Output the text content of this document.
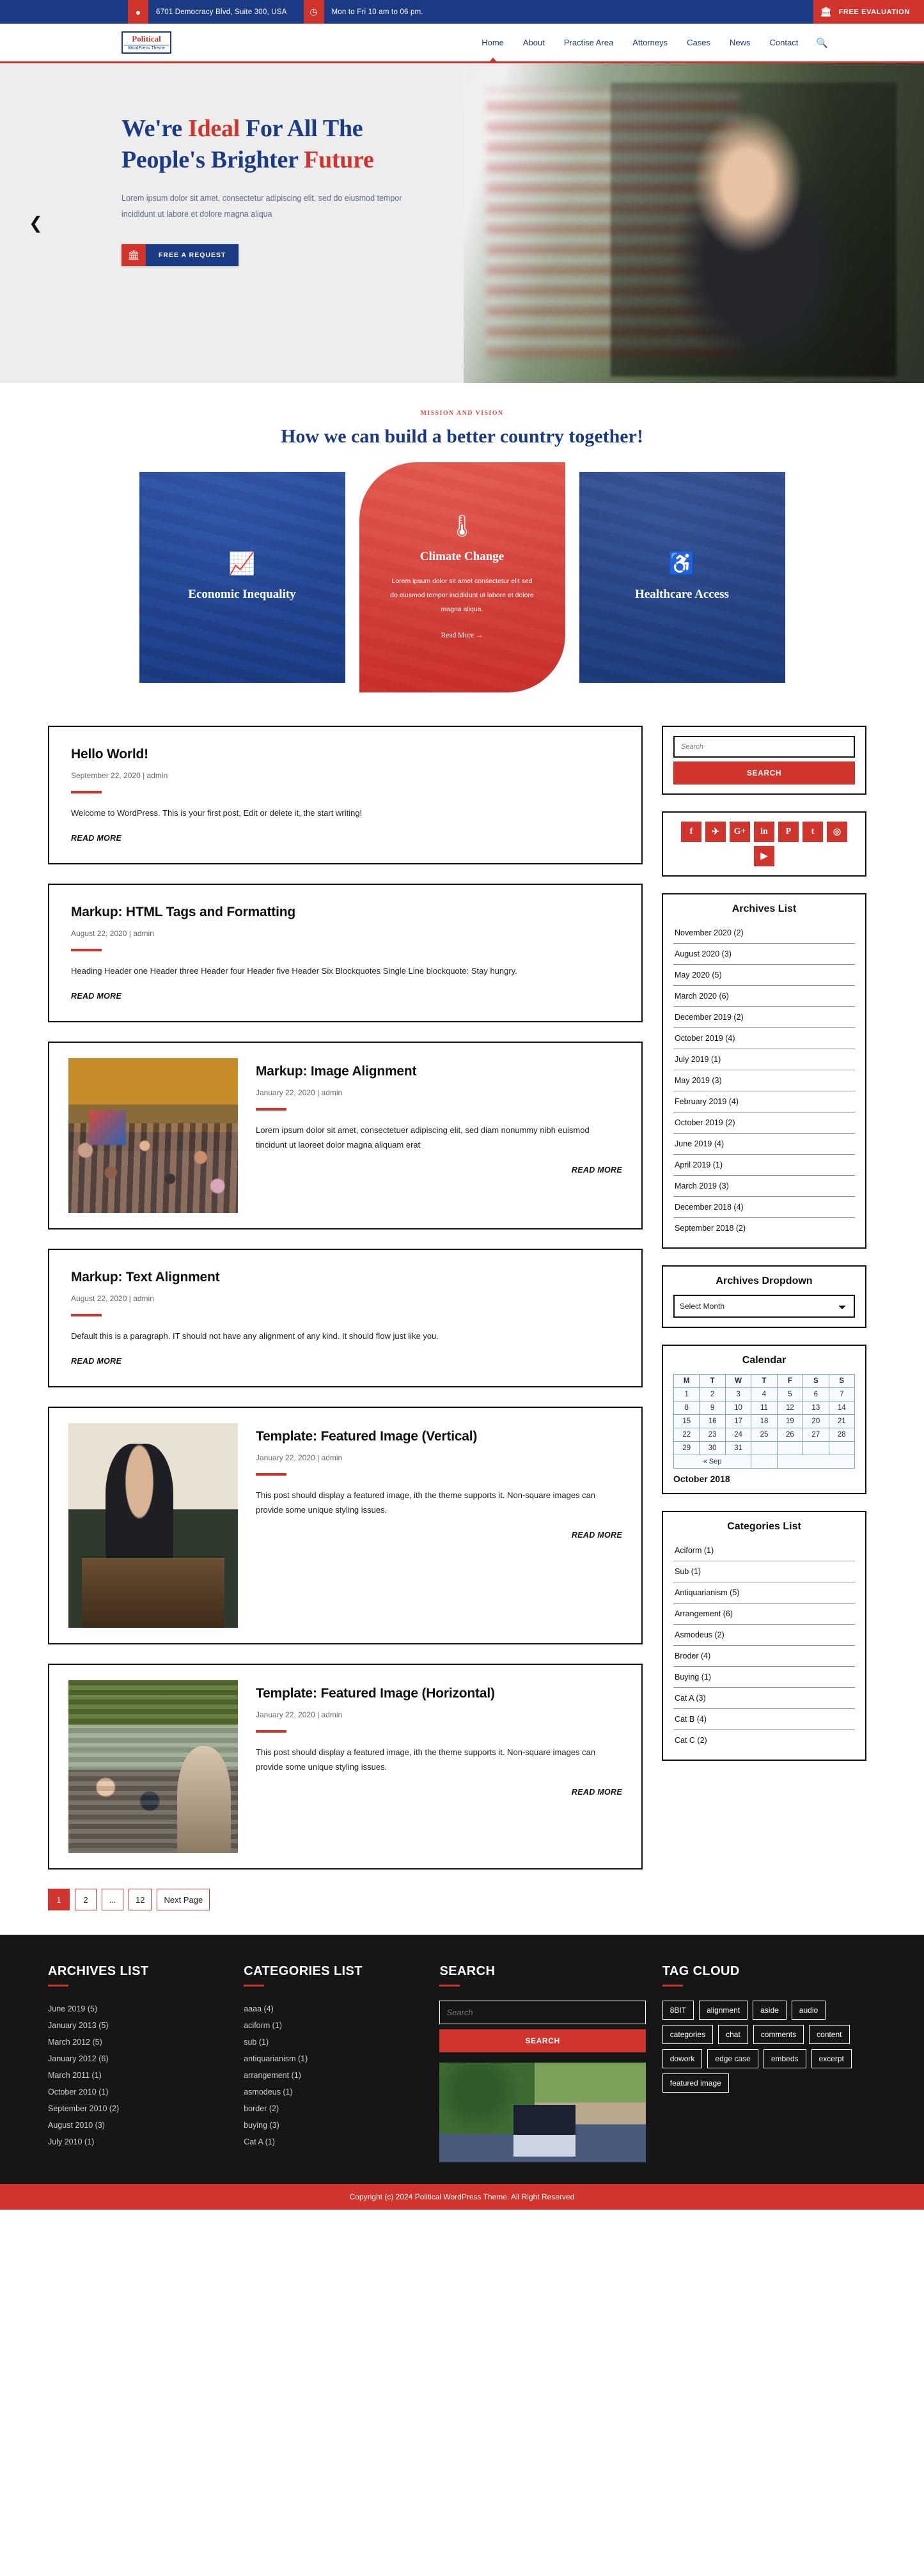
●	6701 Democracy Blvd, Suite 300, USA	◷	Mon to Fri 10 am to 06 pm.	🏛 FREE EVALUATION
Political
WordPress Theme
Home About Practise Area Attorneys Cases News Contact 🔍
❮
We're Ideal For All The
People's Brighter Future

Lorem ipsum dolor sit amet, consectetur adipiscing elit, sed do eiusmod tempor incididunt ut labore et dolore magna aliqua

🏛	FREE A REQUEST
MISSION AND VISION
How we can build a better country together!
📈
Economic Inequality
🌡
Climate Change
Lorem ipsum dolor sit amet consectetur elit sed do eiusmod tempor incididunt ut labore et dolore magna aliqua.
Read More →
♿
Healthcare Access
Hello World!
September 22, 2020 | admin
Welcome to WordPress. This is your first post, Edit or delete it, the start writing!
READ MORE
Markup: HTML Tags and Formatting
August 22, 2020 | admin
Heading Header one Header three Header four Header five Header Six Blockquotes Single Line blockquote: Stay hungry.
READ MORE
Markup: Image Alignment
January 22, 2020 | admin
Lorem ipsum dolor sit amet, consectetuer adipiscing elit, sed diam nonummy nibh euismod tincidunt ut laoreet dolor magna aliquam erat
READ MORE
Markup: Text Alignment
August 22, 2020 | admin
Default this is a paragraph. IT should not have any alignment of any kind. It should flow just like you.
READ MORE
Template: Featured Image (Vertical)
January 22, 2020 | admin
This post should display a featured image, ith the theme supports it. Non-square images can provide some unique styling issues.
READ MORE
Template: Featured Image (Horizontal)
January 22, 2020 | admin
This post should display a featured image, ith the theme supports it. Non-square images can provide some unique styling issues.
READ MORE
1	2	...	12	Next Page
Search SEARCH
f	✈	G+	in	P	t	◎
▶
Archives List
November 2020 (2)
August 2020 (3)
May 2020 (5)
March 2020 (6)
December 2019 (2)
October 2019 (4)
July 2019 (1)
May 2019 (3)
February 2019 (4)
October 2019 (2)
June 2019 (4)
April 2019 (1)
March 2019 (3)
December 2018 (4)
September 2018 (2)
Archives Dropdown
Select Month
Calendar
M	T	W	T	F	S	S
1	2	3	4	5	6	7
8	9	10	11	12	13	14
15	16	17	18	19	20	21
22	23	24	25	26	27	28
29	30	31				
« Sep						
October 2018
Categories List
Aciform (1)
Sub (1)
Antiquarianism (5)
Arrangement (6)
Asmodeus (2)
Broder (4)
Buying (1)
Cat A (3)
Cat B (4)
Cat C (2)
ARCHIVES LIST
June 2019 (5)
January 2013 (5)
March 2012 (5)
January 2012 (6)
March 2011 (1)
October 2010 (1)
September 2010 (2)
August 2010 (3)
July 2010 (1)
CATEGORIES LIST
aaaa (4)
aciform (1)
sub (1)
antiquarianism (1)
arrangement (1)
asmodeus (1)
border (2)
buying (3)
Cat A (1)
SEARCH
Search SEARCH
TAG CLOUD
8BIT	alignment	aside	audio
categories	chat	comments	content
dowork	edge case	embeds	excerpt
featured image
Copyright (c) 2024 Political WordPress Theme. All Right Reserved
